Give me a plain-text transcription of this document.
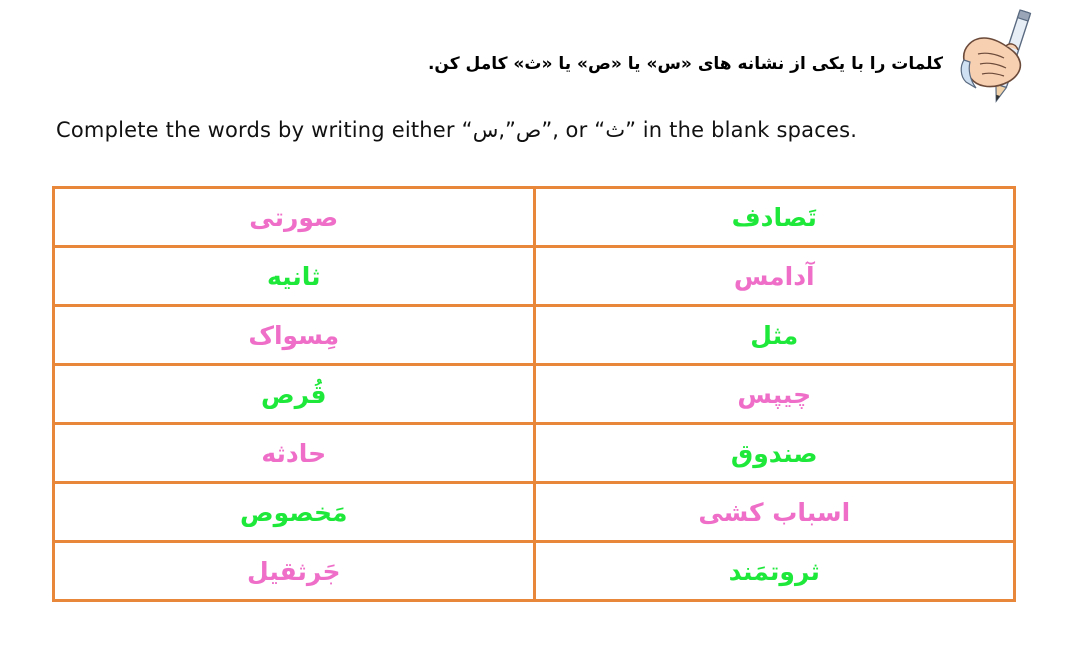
کلمات را با یکی از نشانه های «س» یا «ص» یا «ث» کامل کن.
Complete the words by writing either “ص”,س”, or “ث” in the blank spaces.
صورتی	تَصادف
ثانیه	آدامس
مِسواک	مثل
قُرص	چیپس
حادثه	صندوق
مَخصوص	اسباب کشی
جَرثقیل	ثروتمَند
